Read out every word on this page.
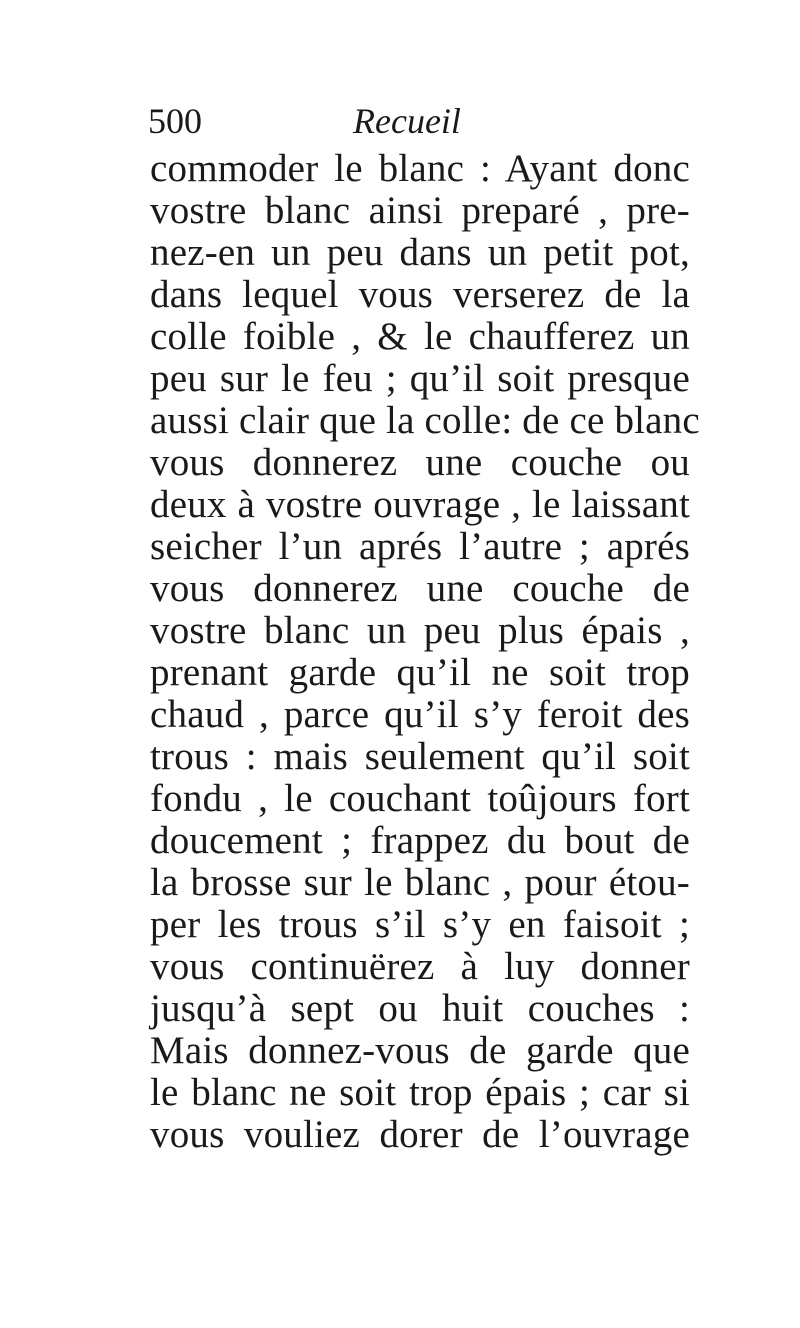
500	Recueil
commoder le blanc : Ayant donc
vostre blanc ainsi preparé , pre-
nez-en un peu dans un petit pot,
dans lequel vous verserez de la
colle foible , & le chaufferez un
peu sur le feu ; qu’il soit presque
aussi clair que la colle: de ce blanc
vous donnerez une couche ou
deux à vostre ouvrage , le laissant
seicher l’un aprés l’autre ; aprés
vous donnerez une couche de
vostre blanc un peu plus épais ,
prenant garde qu’il ne soit trop
chaud , parce qu’il s’y feroit des
trous : mais seulement qu’il soit
fondu , le couchant toûjours fort
doucement ; frappez du bout de
la brosse sur le blanc , pour étou-
per les trous s’il s’y en faisoit ;
vous continuërez à luy donner
jusqu’à sept ou huit couches :
Mais donnez-vous de garde que
le blanc ne soit trop épais ; car si
vous vouliez dorer de l’ouvrage
